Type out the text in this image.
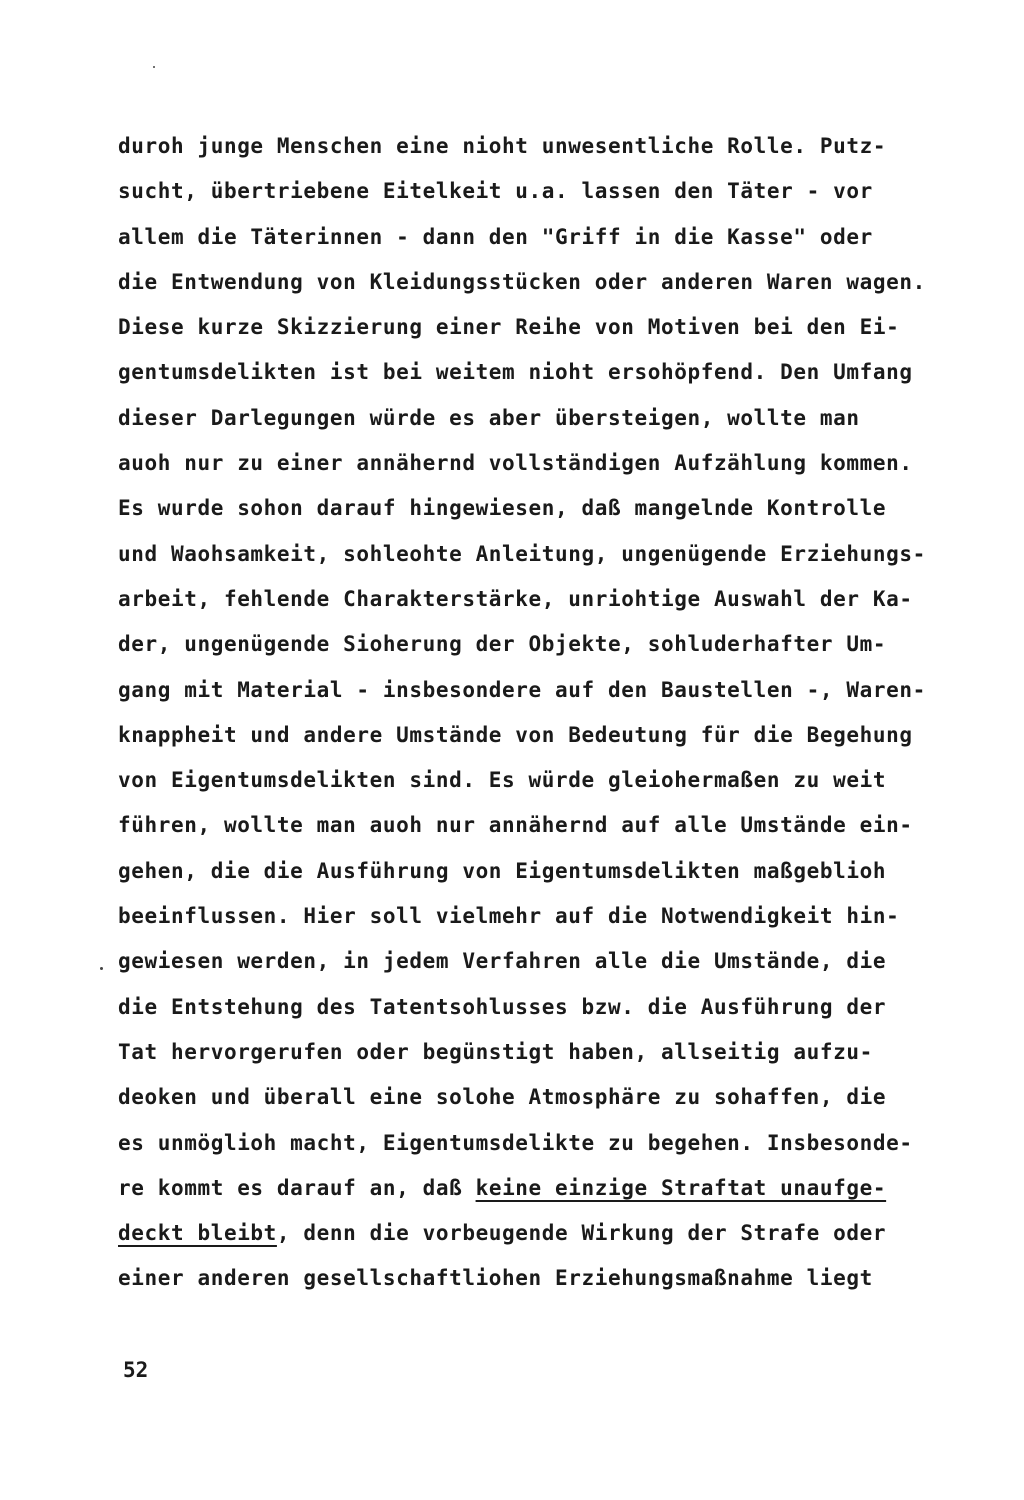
duroh junge Menschen eine nioht unwesentliche Rolle. Putz-
sucht, übertriebene Eitelkeit u.a. lassen den Täter - vor
allem die Täterinnen - dann den "Griff in die Kasse" oder
die Entwendung von Kleidungsstücken oder anderen Waren wagen.
Diese kurze Skizzierung einer Reihe von Motiven bei den Ei-
gentumsdelikten ist bei weitem nioht ersohöpfend. Den Umfang
dieser Darlegungen würde es aber übersteigen, wollte man
auoh nur zu einer annähernd vollständigen Aufzählung kommen.
Es wurde sohon darauf hingewiesen, daß mangelnde Kontrolle
und Waohsamkeit, sohleohte Anleitung, ungenügende Erziehungs-
arbeit, fehlende Charakterstärke, unriohtige Auswahl der Ka-
der, ungenügende Sioherung der Objekte, sohluderhafter Um-
gang mit Material - insbesondere auf den Baustellen -, Waren-
knappheit und andere Umstände von Bedeutung für die Begehung
von Eigentumsdelikten sind. Es würde gleiohermaßen zu weit
führen, wollte man auoh nur annähernd auf alle Umstände ein-
gehen, die die Ausführung von Eigentumsdelikten maßgeblioh
beeinflussen. Hier soll vielmehr auf die Notwendigkeit hin-
gewiesen werden, in jedem Verfahren alle die Umstände, die
die Entstehung des Tatentsohlusses bzw. die Ausführung der
Tat hervorgerufen oder begünstigt haben, allseitig aufzu-
deoken und überall eine solohe Atmosphäre zu sohaffen, die
es unmöglioh macht, Eigentumsdelikte zu begehen. Insbesonde-
re kommt es darauf an, daß keine einzige Straftat unaufge-
deckt bleibt, denn die vorbeugende Wirkung der Strafe oder
einer anderen gesellschaftliohen Erziehungsmaßnahme liegt
52
